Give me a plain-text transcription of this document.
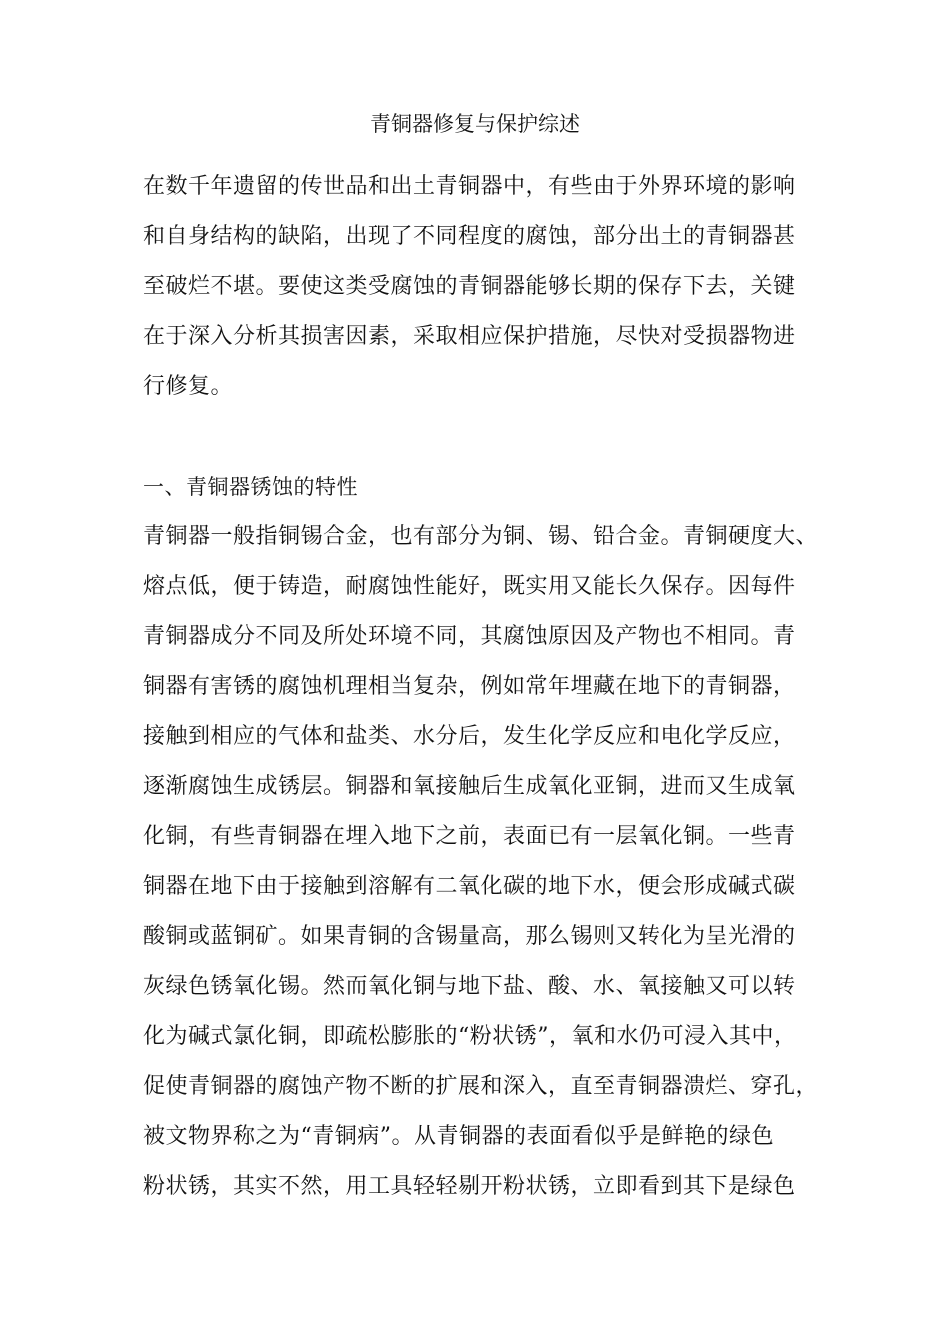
青铜器修复与保护综述
在数千年遗留的传世品和出土青铜器中，有些由于外界环境的影响
和自身结构的缺陷，出现了不同程度的腐蚀，部分出土的青铜器甚
至破烂不堪。要使这类受腐蚀的青铜器能够长期的保存下去，关键
在于深入分析其损害因素，采取相应保护措施，尽快对受损器物进
行修复。
一、青铜器锈蚀的特性
青铜器一般指铜锡合金，也有部分为铜、锡、铅合金。青铜硬度大、
熔点低，便于铸造，耐腐蚀性能好，既实用又能长久保存。因每件
青铜器成分不同及所处环境不同，其腐蚀原因及产物也不相同。青
铜器有害锈的腐蚀机理相当复杂，例如常年埋藏在地下的青铜器，
接触到相应的气体和盐类、水分后，发生化学反应和电化学反应，
逐渐腐蚀生成锈层。铜器和氧接触后生成氧化亚铜，进而又生成氧
化铜，有些青铜器在埋入地下之前，表面已有一层氧化铜。一些青
铜器在地下由于接触到溶解有二氧化碳的地下水，便会形成碱式碳
酸铜或蓝铜矿。如果青铜的含锡量高，那么锡则又转化为呈光滑的
灰绿色锈氧化锡。然而氧化铜与地下盐、酸、水、氧接触又可以转
化为碱式氯化铜，即疏松膨胀的“粉状锈”，氧和水仍可浸入其中，
促使青铜器的腐蚀产物不断的扩展和深入，直至青铜器溃烂、穿孔，
被文物界称之为“青铜病”。从青铜器的表面看似乎是鲜艳的绿色
粉状锈，其实不然，用工具轻轻剔开粉状锈，立即看到其下是绿色
